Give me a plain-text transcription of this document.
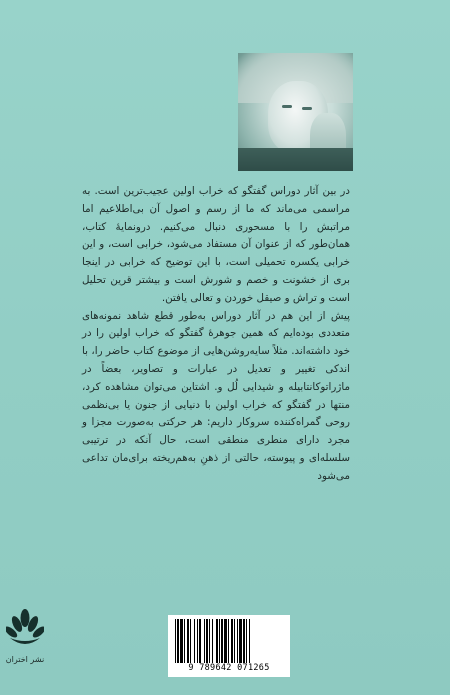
در بین آثار دوراس گفتگو که خراب اولین عجیب‌ترین است. به مراسمی می‌ماند که ما از رسم و اصول آن بی‌اطلاعیم اما مراتبش را با مسحوری دنبال می‌کنیم. درونمایهٔ کتاب، همان‌طور که از عنوان آن مستفاد می‌شود، خرابی است، و این خرابی یکسره تحمیلی است، با این توضیح که خرابی در اینجا بری از خشونت و خصم و شورش است و بیشتر قرین تحلیل است و تراش و صیقل خوردن و تعالی یافتن.

پیش از این هم در آثار دوراس به‌طور قطع شاهد نمونه‌های متعددی بوده‌ایم که همین جوهرهٔ گفتگو که خراب اولین را در خود داشته‌اند. مثلاً سایه‌روشن‌هایی از موضوع کتاب حاضر را، با اندکی تغییر و تعدیل در عبارات و تصاویر، بعضاً در ماژراتوکانتابیله و شیدایی لُل و. اشتاین می‌توان مشاهده کرد، منتها در گفتگو که خراب اولین با دنیایی از جنون یا بی‌نظمی روحی گمراه‌کننده سروکار داریم: هر حرکتی به‌صورت مجزا و مجرد دارای منطری منطقی است، حال آنکه در ترتیبی سلسله‌ای و پیوسته، حالتی از ذهنِ به‌هم‌ریخته برای‌مان تداعی می‌شود

نشر اختران
9 789642 071265
